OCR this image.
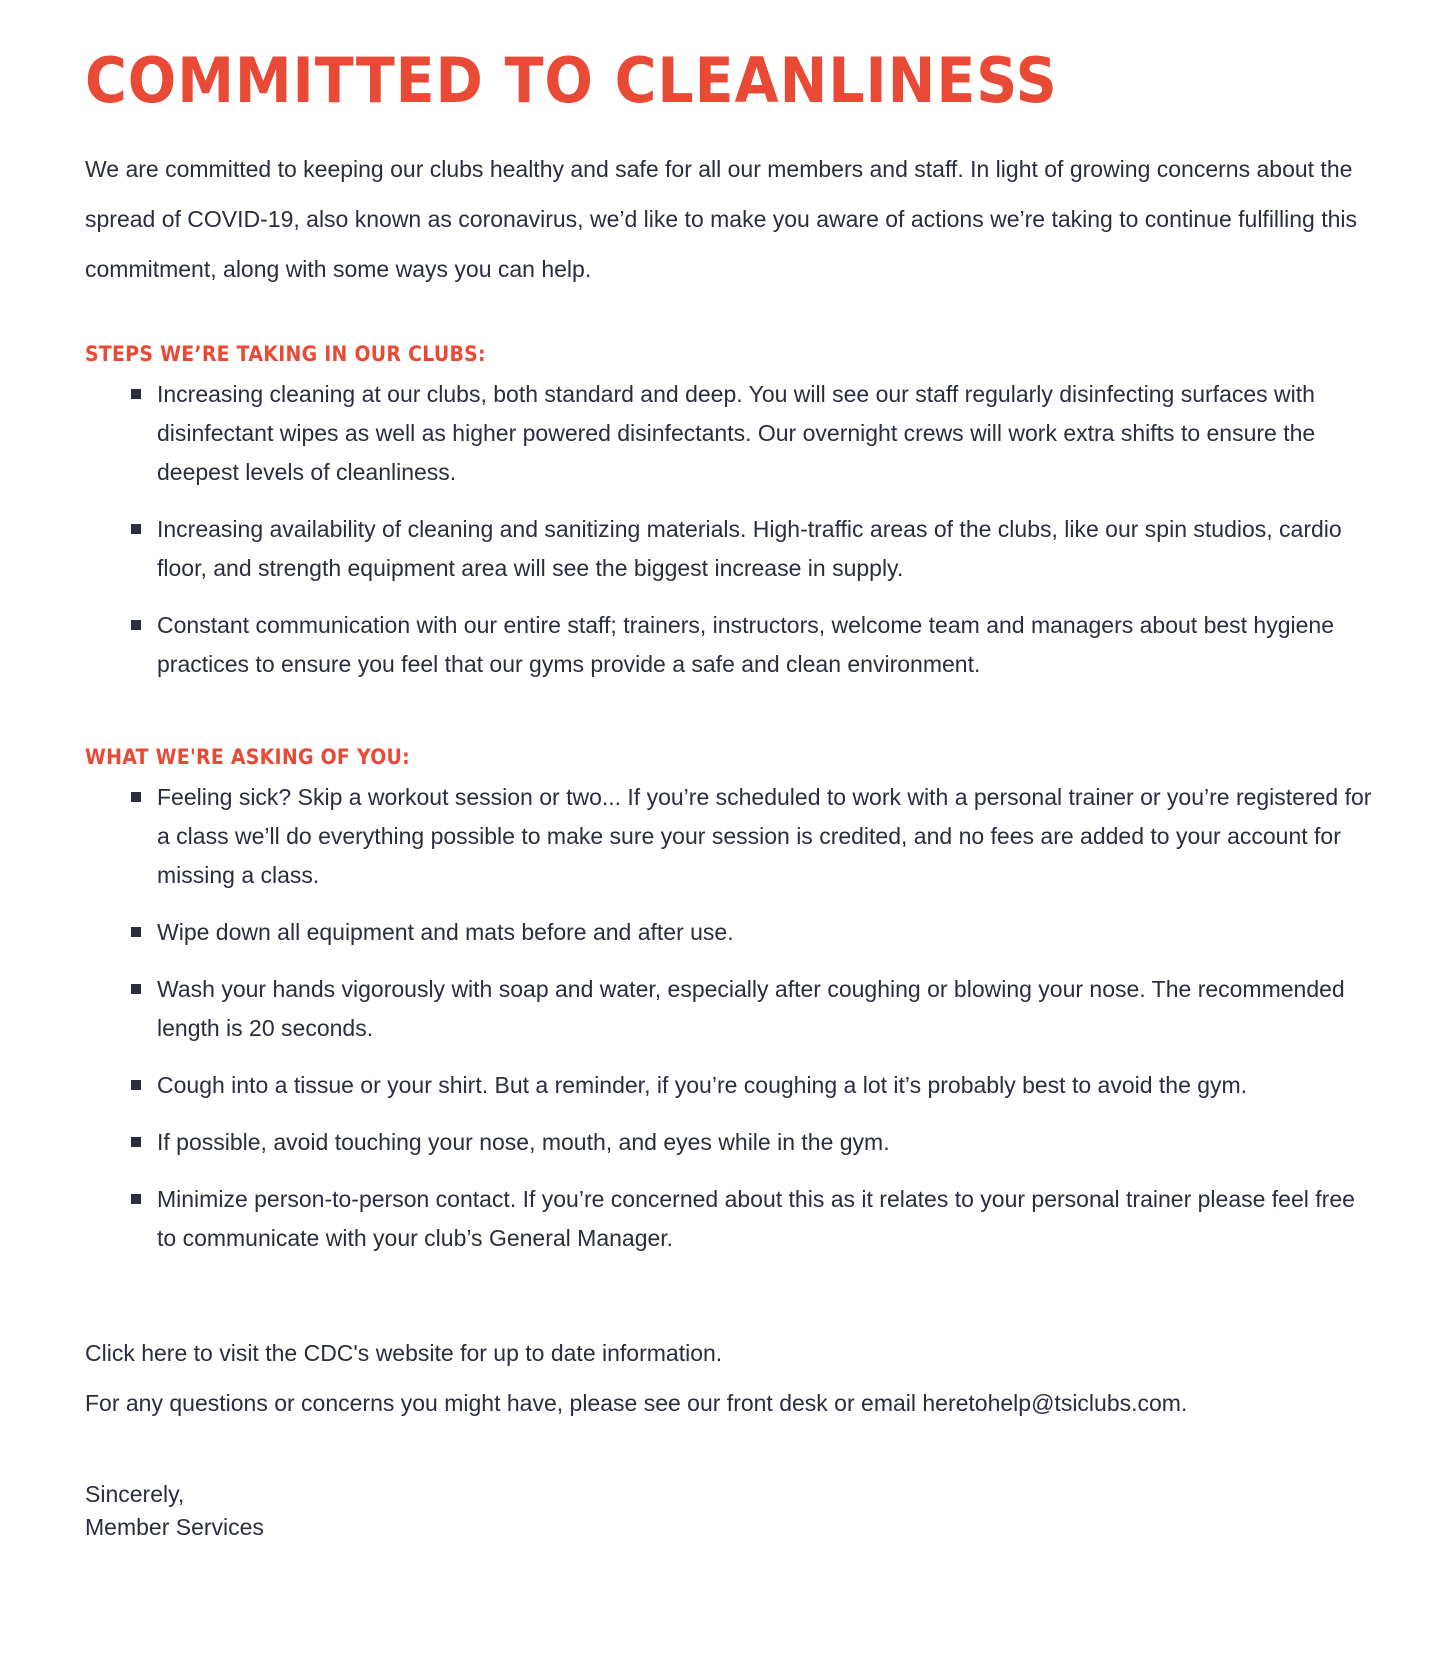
COMMITTED TO CLEANLINESS

We are committed to keeping our clubs healthy and safe for all our members and staff. In light of growing concerns about the spread of COVID-19, also known as coronavirus, we’d like to make you aware of actions we’re taking to continue fulfilling this commitment, along with some ways you can help.

STEPS WE’RE TAKING IN OUR CLUBS:
Increasing cleaning at our clubs, both standard and deep. You will see our staff regularly disinfecting surfaces with disinfectant wipes as well as higher powered disinfectants. Our overnight crews will work extra shifts to ensure the deepest levels of cleanliness.
Increasing availability of cleaning and sanitizing materials. High-traffic areas of the clubs, like our spin studios, cardio floor, and strength equipment area will see the biggest increase in supply.
Constant communication with our entire staff; trainers, instructors, welcome team and managers about best hygiene practices to ensure you feel that our gyms provide a safe and clean environment.
WHAT WE'RE ASKING OF YOU:
Feeling sick? Skip a workout session or two... If you’re scheduled to work with a personal trainer or you’re registered for a class we’ll do everything possible to make sure your session is credited, and no fees are added to your account for missing a class.
Wipe down all equipment and mats before and after use.
Wash your hands vigorously with soap and water, especially after coughing or blowing your nose. The recommended length is 20 seconds.
Cough into a tissue or your shirt. But a reminder, if you’re coughing a lot it’s probably best to avoid the gym.
If possible, avoid touching your nose, mouth, and eyes while in the gym.
Minimize person-to-person contact. If you’re concerned about this as it relates to your personal trainer please feel free to communicate with your club’s General Manager.

Click here to visit the CDC's website for up to date information.

For any questions or concerns you might have, please see our front desk or email heretohelp@tsiclubs.com.

Sincerely,
Member Services
